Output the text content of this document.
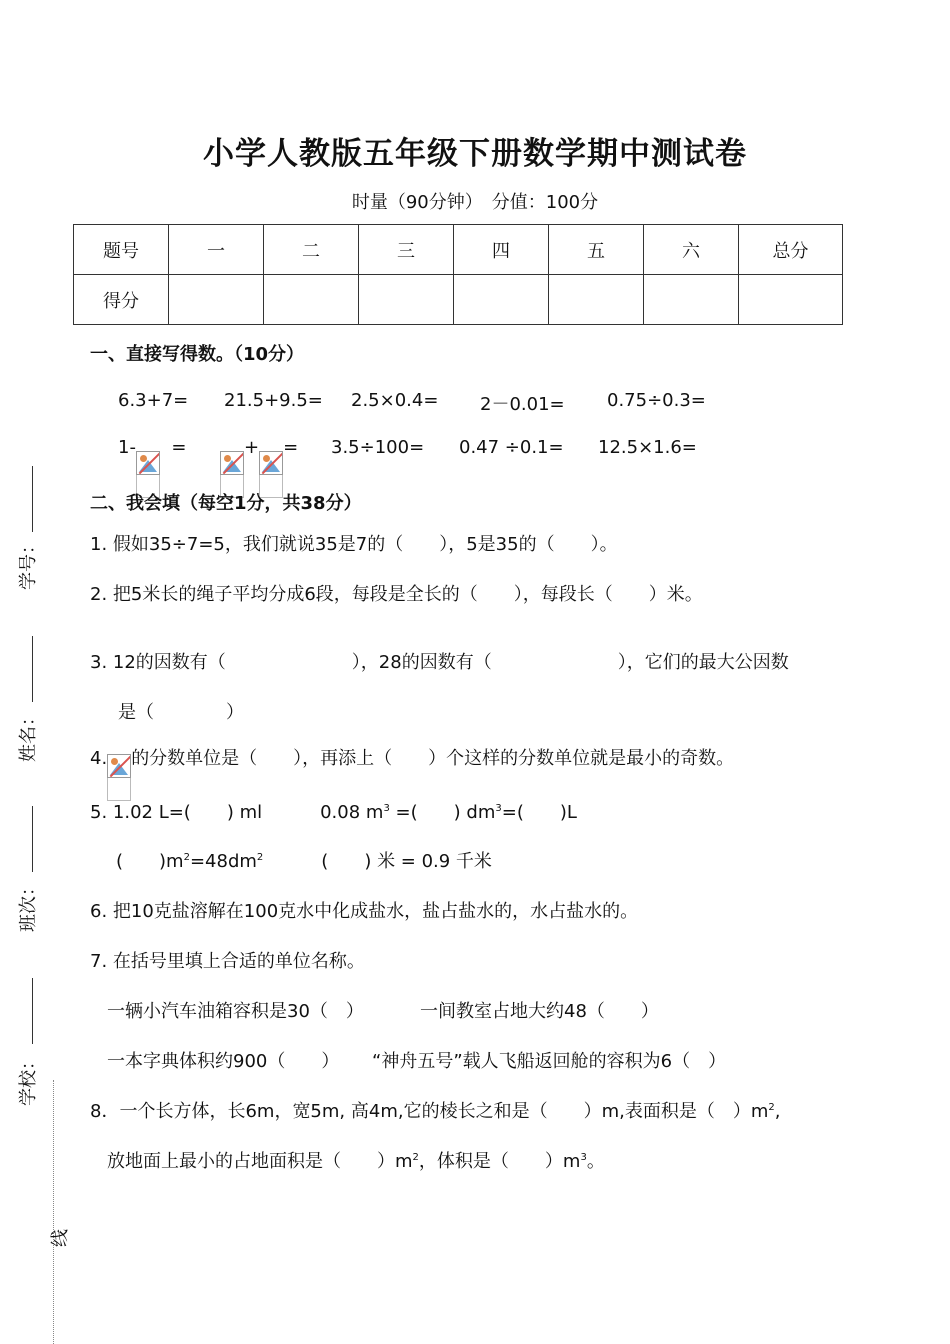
小学人教版五年级下册数学期中测试卷
时量（90分钟）　分值：100分
题号	一	二	三	四	五	六	总分
得分							
一、直接写得数。（10分）
6.3+7= 21.5+9.5= 2.5×0.4= 2－0.01= 0.75÷0.3=
1- =	+ = 3.5÷100= 0.47 ÷0.1= 12.5×1.6=
二、我会填（每空1分，共38分）
1. 假如35÷7=5，我们就说35是7的（　　），5是35的（　　）。
2. 把5米长的绳子平均分成6段，每段是全长的（　　），每段长（　　）米。
3. 12的因数有（　　　　　　　），28的因数有（　　　　　　　），它们的最大公因数
是（　　　　）
4. 的分数单位是（　　），再添上（　　）个这样的分数单位就是最小的奇数。
5. 1.02 L=(　　) ml	0.08 $m^3$ =(　　) $dm^3=$(　　)L
(　　)$m^2=48dm^2$	(　　) 米 = 0.9 千米
6. 把10克盐溶解在100克水中化成盐水，盐占盐水的，水占盐水的。
7. 在括号里填上合适的单位名称。
一辆小汽车油箱容积是30（　）	一间教室占地大约48（　　）
一本字典体积约900（　　） “神舟五号”载人飞船返回舱的容积为6（　）
8．一个长方体，长6m，宽5m, 高4m,它的棱长之和是（　　）m,表面积是（　）$m^2$,
放地面上最小的占地面积是（　　）$m^2$，体积是（　　）$m^3$。
学号：
姓名：
班次：
学校：
线
